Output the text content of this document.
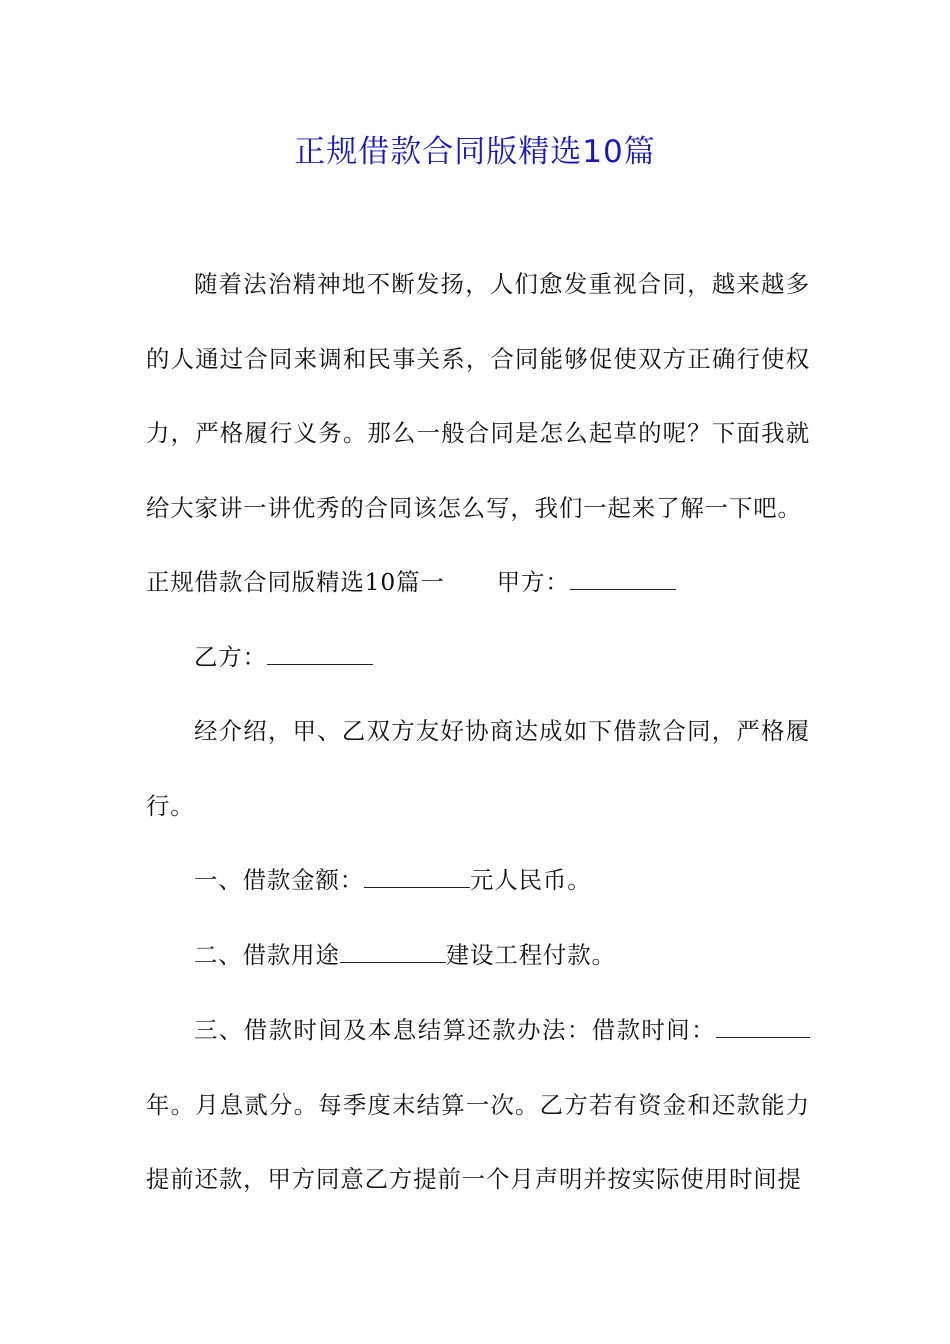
正规借款合同版精选10篇
随着法治精神地不断发扬，人们愈发重视合同，越来越多的人通过合同来调和民事关系，合同能够促使双方正确行使权力，严格履行义务。那么一般合同是怎么起草的呢？下面我就给大家讲一讲优秀的合同该怎么写，我们一起来了解一下吧。
正规借款合同版精选10篇一 甲方：
乙方：
经介绍，甲、乙双方友好协商达成如下借款合同，严格履行。
一、借款金额：	元人民币。
二、借款用途	建设工程付款。
三、借款时间及本息结算还款办法：借款时间：年。月息贰分。每季度末结算一次。乙方若有资金和还款能力提前还款，甲方同意乙方提前一个月声明并按实际使用时间提
